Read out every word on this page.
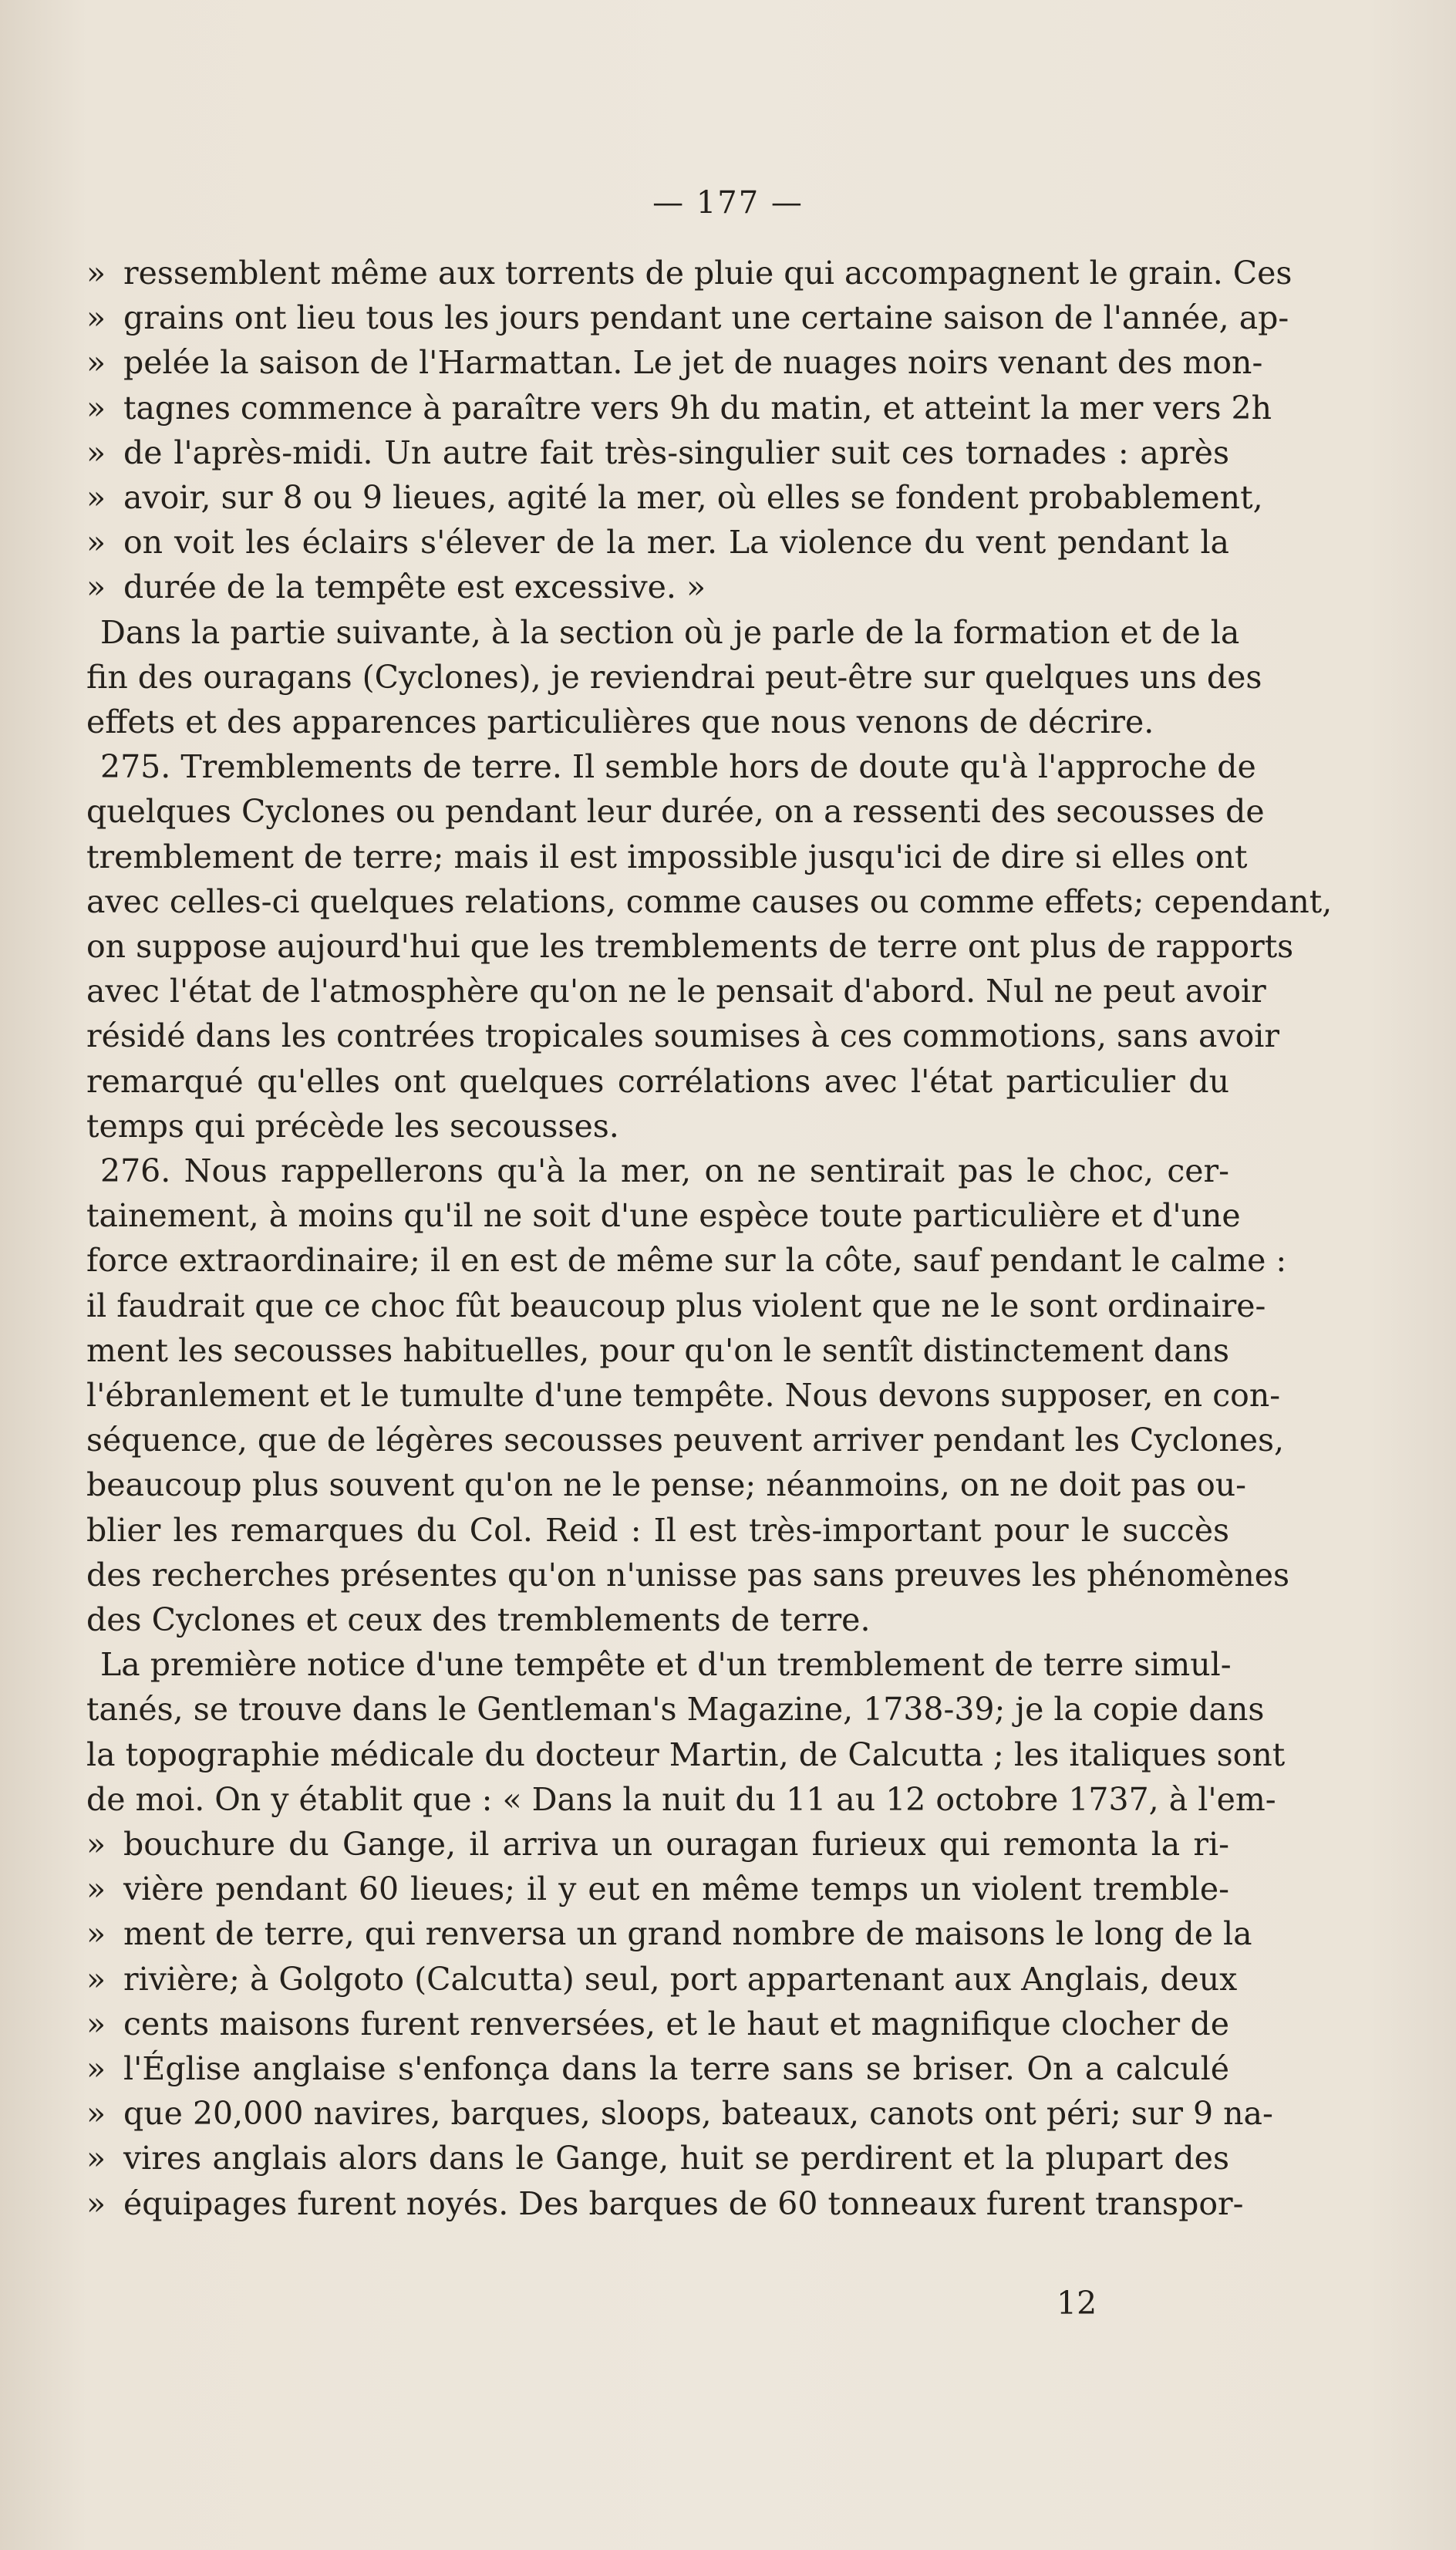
— 177 —
» ressemblent même aux torrents de pluie qui accompagnent le grain. Ces
» grains ont lieu tous les jours pendant une certaine saison de l'année, ap-
» pelée la saison de l'Harmattan. Le jet de nuages noirs venant des mon-
» tagnes commence à paraître vers 9h du matin, et atteint la mer vers 2h
» de l'après-midi. Un autre fait très-singulier suit ces tornades : après
» avoir, sur 8 ou 9 lieues, agité la mer, où elles se fondent probablement,
» on voit les éclairs s'élever de la mer. La violence du vent pendant la
» durée de la tempête est excessive. »
Dans la partie suivante, à la section où je parle de la formation et de la
fin des ouragans (Cyclones), je reviendrai peut-être sur quelques uns des
effets et des apparences particulières que nous venons de décrire.
275. Tremblements de terre. Il semble hors de doute qu'à l'approche de
quelques Cyclones ou pendant leur durée, on a ressenti des secousses de
tremblement de terre; mais il est impossible jusqu'ici de dire si elles ont
avec celles-ci quelques relations, comme causes ou comme effets; cependant,
on suppose aujourd'hui que les tremblements de terre ont plus de rapports
avec l'état de l'atmosphère qu'on ne le pensait d'abord. Nul ne peut avoir
résidé dans les contrées tropicales soumises à ces commotions, sans avoir
remarqué qu'elles ont quelques corrélations avec l'état particulier du
temps qui précède les secousses.
276. Nous rappellerons qu'à la mer, on ne sentirait pas le choc, cer-
tainement, à moins qu'il ne soit d'une espèce toute particulière et d'une
force extraordinaire; il en est de même sur la côte, sauf pendant le calme :
il faudrait que ce choc fût beaucoup plus violent que ne le sont ordinaire-
ment les secousses habituelles, pour qu'on le sentît distinctement dans
l'ébranlement et le tumulte d'une tempête. Nous devons supposer, en con-
séquence, que de légères secousses peuvent arriver pendant les Cyclones,
beaucoup plus souvent qu'on ne le pense; néanmoins, on ne doit pas ou-
blier les remarques du Col. Reid : Il est très-important pour le succès
des recherches présentes qu'on n'unisse pas sans preuves les phénomènes
des Cyclones et ceux des tremblements de terre.
La première notice d'une tempête et d'un tremblement de terre simul-
tanés, se trouve dans le Gentleman's Magazine, 1738-39; je la copie dans
la topographie médicale du docteur Martin, de Calcutta ; les italiques sont
de moi. On y établit que : « Dans la nuit du 11 au 12 octobre 1737, à l'em-
» bouchure du Gange, il arriva un ouragan furieux qui remonta la ri-
» vière pendant 60 lieues; il y eut en même temps un violent tremble-
» ment de terre, qui renversa un grand nombre de maisons le long de la
» rivière; à Golgoto (Calcutta) seul, port appartenant aux Anglais, deux
» cents maisons furent renversées, et le haut et magnifique clocher de
» l'Église anglaise s'enfonça dans la terre sans se briser. On a calculé
» que 20,000 navires, barques, sloops, bateaux, canots ont péri; sur 9 na-
» vires anglais alors dans le Gange, huit se perdirent et la plupart des
» équipages furent noyés. Des barques de 60 tonneaux furent transpor-
12
